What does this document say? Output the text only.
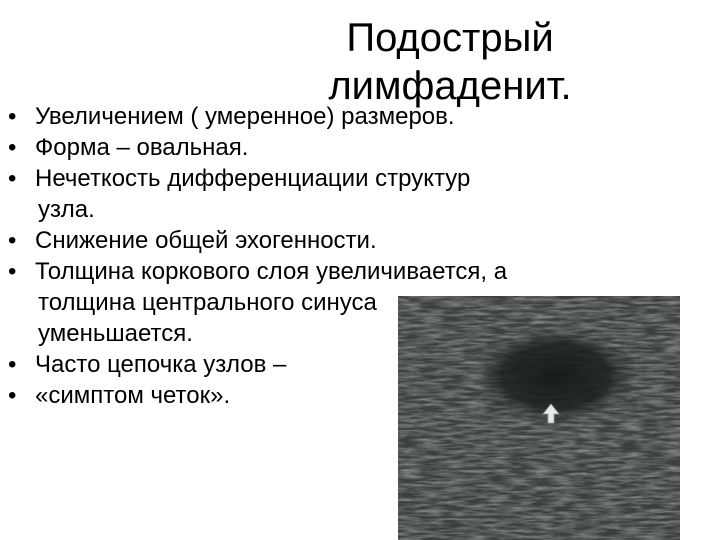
Подострый
лимфаденит.
• Увеличением ( умеренное) размеров.
• Форма – овальная.
• Нечеткость дифференциации структур
узла.
• Снижение общей эхогенности.
• Толщина коркового слоя увеличивается, а
толщина центрального синуса
уменьшается.
• Часто цепочка узлов –
• «симптом четок».
